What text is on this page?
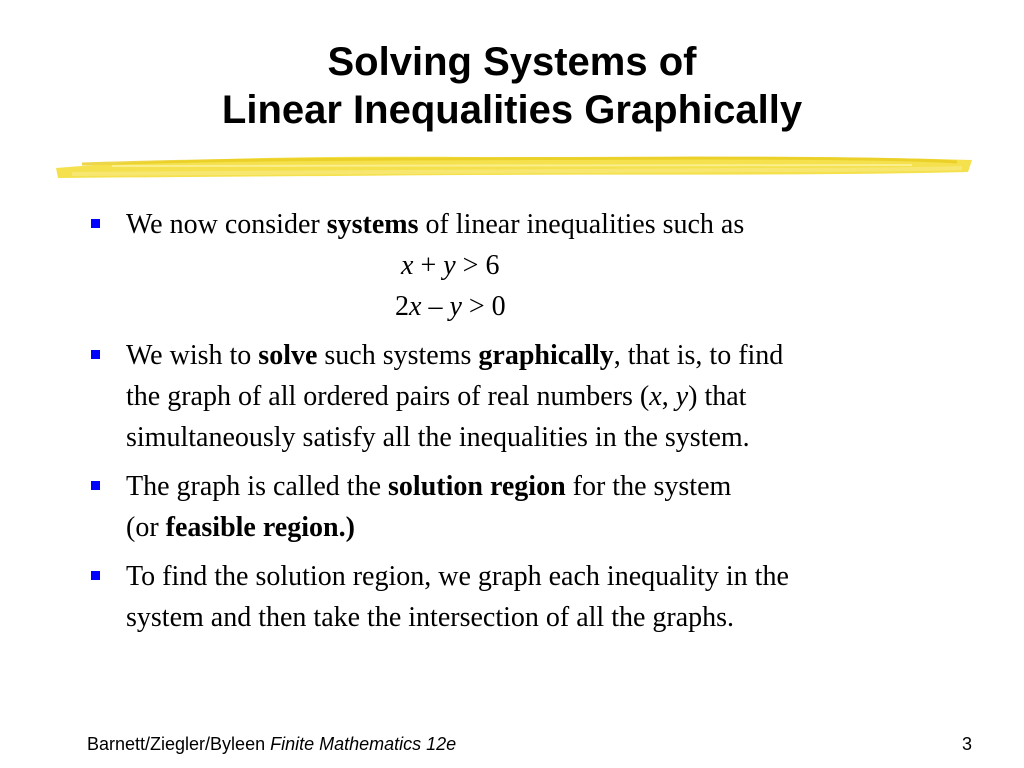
Solving Systems of
Linear Inequalities Graphically
We now consider systems of linear inequalities such as
x + y > 6
2x – y > 0
We wish to solve such systems graphically, that is, to find
the graph of all ordered pairs of real numbers (x, y) that
simultaneously satisfy all the inequalities in the system.
The graph is called the solution region for the system
(or feasible region.)
To find the solution region, we graph each inequality in the
system and then take the intersection of all the graphs.
Barnett/Ziegler/Byleen Finite Mathematics 12e	3
